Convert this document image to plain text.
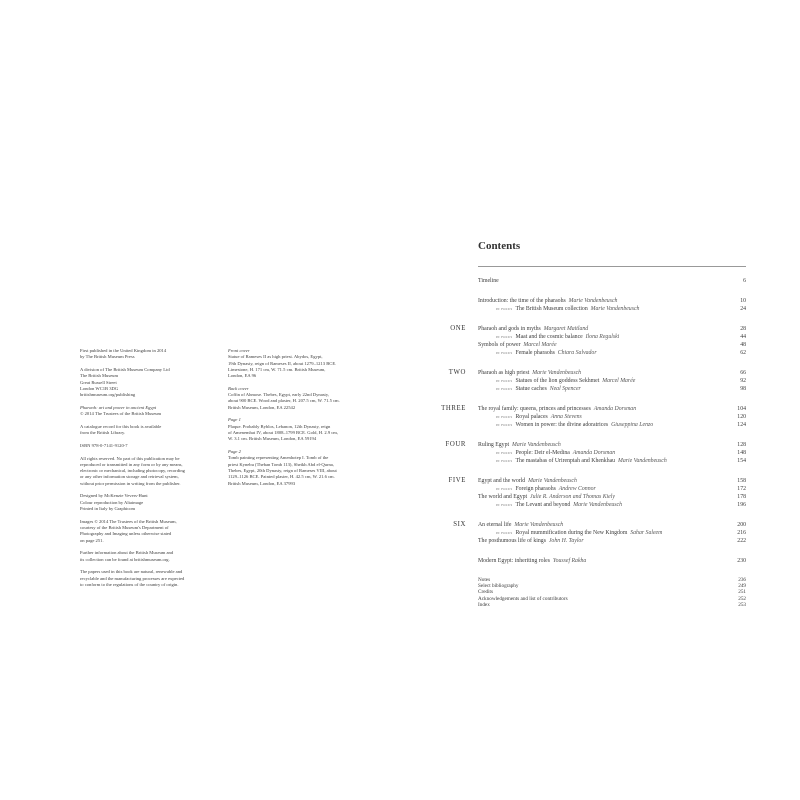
First published in the United Kingdom in 2014

by The British Museum Press

A division of The British Museum Company Ltd

The British Museum

Great Russell Street

London WC1B 3DG

britishmuseum.org/publishing

Pharaoh: art and power in ancient Egypt

© 2014 The Trustees of the British Museum

A catalogue record for this book is available

from the British Library.

ISBN 978-0-7141-9120-7

All rights reserved. No part of this publication may be

reproduced or transmitted in any form or by any means,

electronic or mechanical, including photocopy, recording

or any other information storage and retrieval system,

without prior permission in writing from the publisher.

Designed by McKenzie Vevers-Hunt

Colour reproduction by Altaimage

Printed in Italy by Graphicom

Images © 2014 The Trustees of the British Museum,

courtesy of the British Museum's Department of

Photography and Imaging unless otherwise stated

on page 251.

Further information about the British Museum and

its collection can be found at britishmuseum.org.

The papers used in this book are natural, renewable and

recyclable and the manufacturing processes are expected

to conform to the regulations of the country of origin.

Front cover

Statue of Rameses II as high priest. Abydos, Egypt,

19th Dynasty, reign of Rameses II, about 1279–1213 BCE.

Limestone, H. 171 cm, W. 71.5 cm. British Museum,

London, EA 96

Back cover

Coffin of Ahmose. Thebes, Egypt, early 22nd Dynasty,

about 900 BCE. Wood and plaster, H. 207.5 cm, W. 71.5 cm.

British Museum, London, EA 22542

Page 1

Plaque. Probably Byblos, Lebanon, 12th Dynasty, reign

of Amenemhat IV, about 1808–1799 BCE. Gold, H. 2.9 cm,

W. 3.1 cm. British Museum, London, EA 59194

Page 2

Tomb painting representing Amenhotep I. Tomb of the

priest Kynebu (Theban Tomb 113), Sheikh Abd el-Qurna,

Thebes, Egypt, 20th Dynasty, reign of Rameses VIII, about

1129–1126 BCE. Painted plaster, H. 42.5 cm, W. 21.6 cm.

British Museum, London, EA 37993

Contents
Timeline	6
Introduction: the time of the pharaohs  Marie Vandenbeusch	10
in focus The British Museum collection  Marie Vandenbeusch	24
ONE Pharaoh and gods in myths  Margaret Maitland	28
in focus Maat and the cosmic balance  Ilona Regulski	44
Symbols of power  Marcel Marée	48
in focus Female pharaohs  Chiara Salvador	62
TWO Pharaoh as high priest  Marie Vandenbeusch	66
in focus Statues of the lion goddess Sekhmet  Marcel Marée	92
in focus Statue caches  Neal Spencer	98
THREE The royal family: queens, princes and princesses  Amanda Dorsman	104
in focus Royal palaces  Anna Stevens	120
in focus Women in power: the divine adoratrices  Giuseppina Lenzo	124
FOUR Ruling Egypt  Marie Vandenbeusch	128
in focus People: Deir el-Medina  Amanda Dorsman	148
in focus The mastabas of Urirenptah and Khenkhau  Marie Vandenbeusch	154
FIVE Egypt and the world  Marie Vandenbeusch	158
in focus Foreign pharaohs  Andrew Connor	172
The world and Egypt  Julie R. Anderson and Thomas Kiely	178
in focus The Levant and beyond  Marie Vandenbeusch	196
SIX An eternal life  Marie Vandenbeusch	200
in focus Royal mummification during the New Kingdom  Sahar Saleem	216
The posthumous life of kings  John H. Taylor	222
Modern Egypt: inheriting roles  Youssef Rakha	230
Notes	236
Select bibliography	249
Credits	251
Acknowledgements and list of contributors	252
Index	253
